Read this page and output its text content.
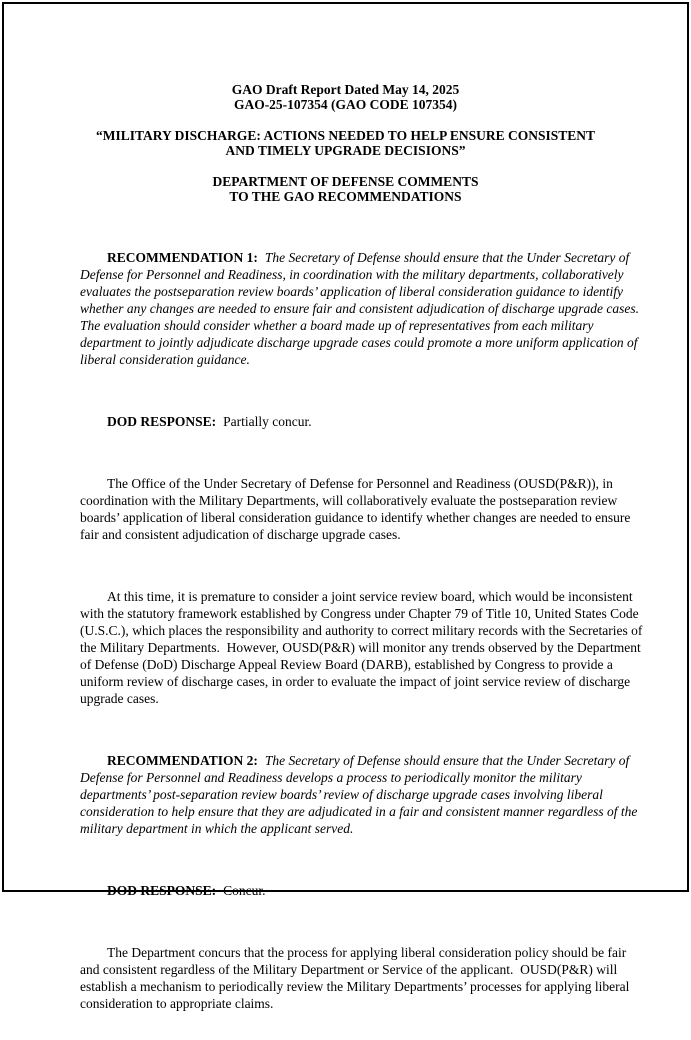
GAO Draft Report Dated May 14, 2025
GAO-25-107354 (GAO CODE 107354)
“MILITARY DISCHARGE: ACTIONS NEEDED TO HELP ENSURE CONSISTENT
AND TIMELY UPGRADE DECISIONS”
DEPARTMENT OF DEFENSE COMMENTS
TO THE GAO RECOMMENDATIONS

RECOMMENDATION 1: The Secretary of Defense should ensure that the Under Secretary of Defense for Personnel and Readiness, in coordination with the military departments, collaboratively evaluates the postseparation review boards’ application of liberal consideration guidance to identify whether any changes are needed to ensure fair and consistent adjudication of discharge upgrade cases.  The evaluation should consider whether a board made up of representatives from each military department to jointly adjudicate discharge upgrade cases could promote a more uniform application of liberal consideration guidance.

DOD RESPONSE: Partially concur.

The Office of the Under Secretary of Defense for Personnel and Readiness (OUSD(P&R)), in coordination with the Military Departments, will collaboratively evaluate the postseparation review boards’ application of liberal consideration guidance to identify whether changes are needed to ensure fair and consistent adjudication of discharge upgrade cases.

At this time, it is premature to consider a joint service review board, which would be inconsistent with the statutory framework established by Congress under Chapter 79 of Title 10, United States Code (U.S.C.), which places the responsibility and authority to correct military records with the Secretaries of the Military Departments.  However, OUSD(P&R) will monitor any trends observed by the Department of Defense (DoD) Discharge Appeal Review Board (DARB), established by Congress to provide a uniform review of discharge cases, in order to evaluate the impact of joint service review of discharge upgrade cases.

RECOMMENDATION 2: The Secretary of Defense should ensure that the Under Secretary of Defense for Personnel and Readiness develops a process to periodically monitor the military departments’ post-separation review boards’ review of discharge upgrade cases involving liberal consideration to help ensure that they are adjudicated in a fair and consistent manner regardless of the military department in which the applicant served.

DOD RESPONSE: Concur.

The Department concurs that the process for applying liberal consideration policy should be fair and consistent regardless of the Military Department or Service of the applicant.  OUSD(P&R) will establish a mechanism to periodically review the Military Departments’ processes for applying liberal consideration to appropriate claims.
